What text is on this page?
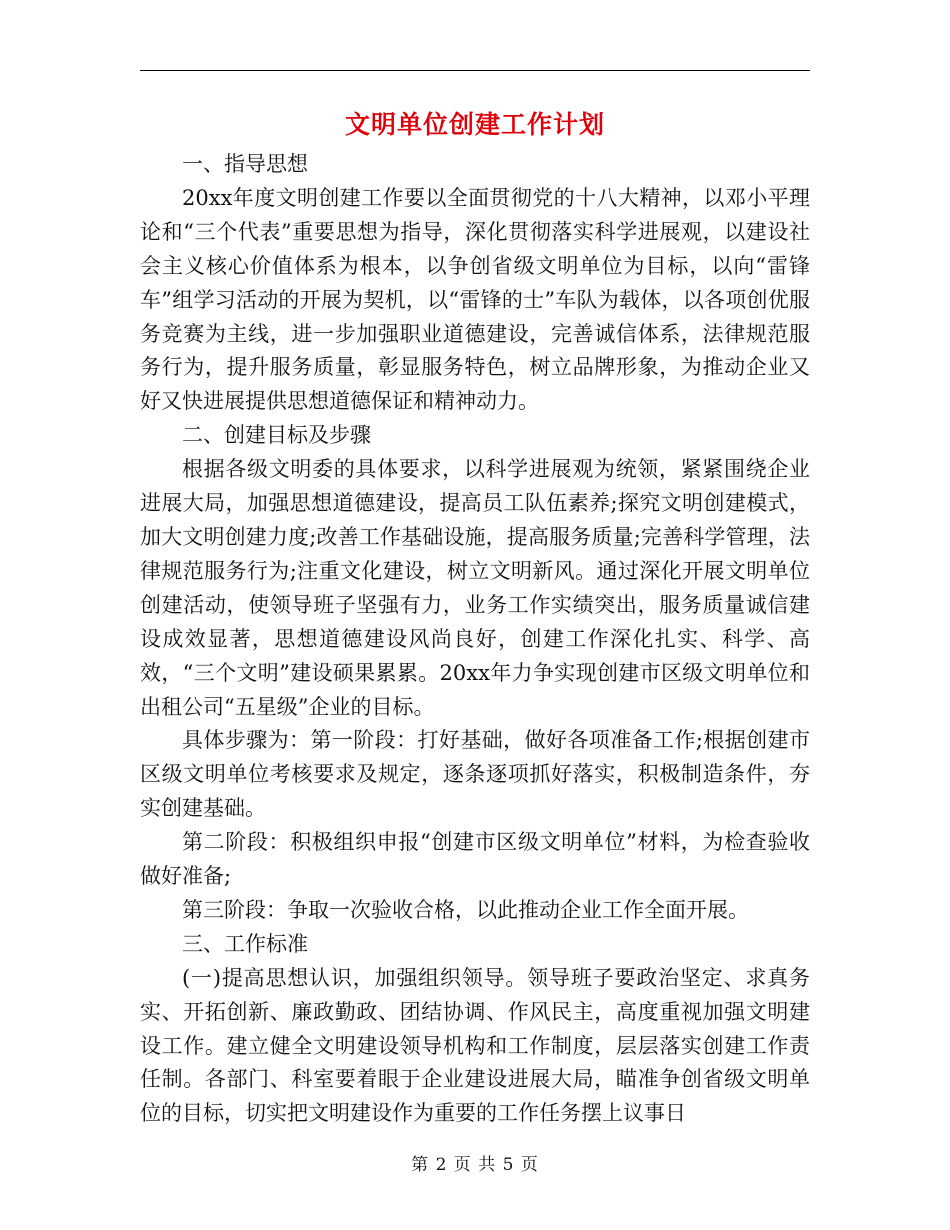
文明单位创建工作计划

一、指导思想

20xx年度文明创建工作要以全面贯彻党的十八大精神，以邓小平理论和“三个代表”重要思想为指导，深化贯彻落实科学进展观，以建设社会主义核心价值体系为根本，以争创省级文明单位为目标，以向“雷锋车”组学习活动的开展为契机，以“雷锋的士”车队为载体，以各项创优服务竞赛为主线，进一步加强职业道德建设，完善诚信体系，法律规范服务行为，提升服务质量，彰显服务特色，树立品牌形象，为推动企业又好又快进展提供思想道德保证和精神动力。

二、创建目标及步骤

根据各级文明委的具体要求，以科学进展观为统领，紧紧围绕企业进展大局，加强思想道德建设，提高员工队伍素养;探究文明创建模式，加大文明创建力度;改善工作基础设施，提高服务质量;完善科学管理，法律规范服务行为;注重文化建设，树立文明新风。通过深化开展文明单位创建活动，使领导班子坚强有力，业务工作实绩突出，服务质量诚信建设成效显著，思想道德建设风尚良好，创建工作深化扎实、科学、高效，“三个文明”建设硕果累累。20xx年力争实现创建市区级文明单位和出租公司“五星级”企业的目标。

具体步骤为：第一阶段：打好基础，做好各项准备工作;根据创建市区级文明单位考核要求及规定，逐条逐项抓好落实，积极制造条件，夯实创建基础。

第二阶段：积极组织申报“创建市区级文明单位”材料，为检查验收做好准备;

第三阶段：争取一次验收合格，以此推动企业工作全面开展。

三、工作标准

(一)提高思想认识，加强组织领导。领导班子要政治坚定、求真务实、开拓创新、廉政勤政、团结协调、作风民主，高度重视加强文明建设工作。建立健全文明建设领导机构和工作制度，层层落实创建工作责任制。各部门、科室要着眼于企业建设进展大局，瞄准争创省级文明单位的目标，切实把文明建设作为重要的工作任务摆上议事日

第 2 页 共 5 页
